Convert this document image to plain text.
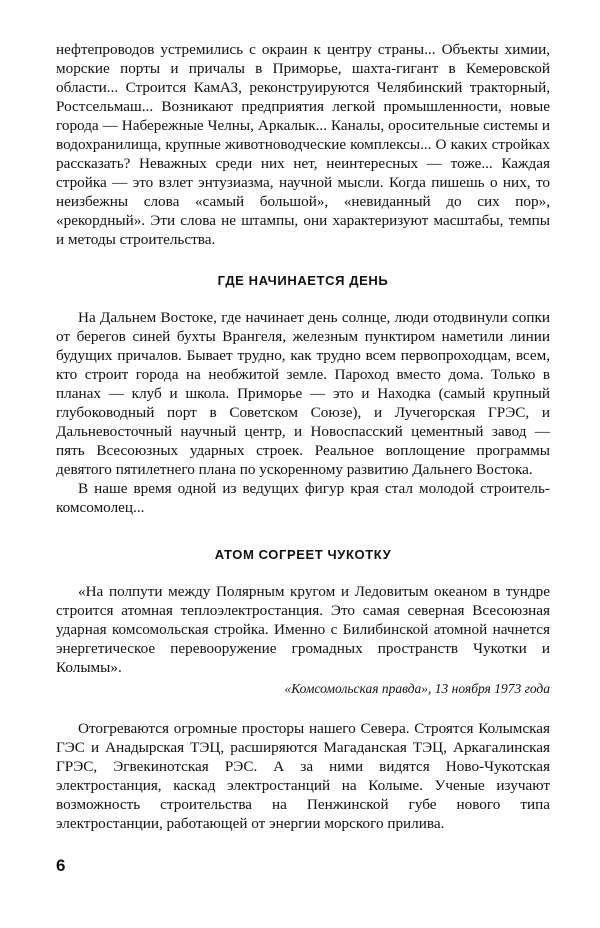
нефтепроводов устремились с окраин к центру страны... Объекты химии, морские порты и причалы в Приморье, шахта-гигант в Кемеровской области... Строится КамАЗ, реконструируются Челябинский тракторный, Ростсельмаш... Возникают предприятия легкой промышленности, новые города — Набережные Челны, Аркалык... Каналы, оросительные системы и водохранилища, крупные животноводческие комплексы... О каких стройках рассказать? Неважных среди них нет, неинтересных — тоже... Каждая стройка — это взлет энтузиазма, научной мысли. Когда пишешь о них, то неизбежны слова «самый большой», «невиданный до сих пор», «рекордный». Эти слова не штампы, они характеризуют масштабы, темпы и методы строительства.

ГДЕ НАЧИНАЕТСЯ ДЕНЬ

На Дальнем Востоке, где начинает день солнце, люди отодвинули сопки от берегов синей бухты Врангеля, железным пунктиром наметили линии будущих причалов. Бывает трудно, как трудно всем первопроходцам, всем, кто строит города на необжитой земле. Пароход вместо дома. Только в планах — клуб и школа. Приморье — это и Находка (самый крупный глубоководный порт в Советском Союзе), и Лучегорская ГРЭС, и Дальневосточный научный центр, и Новоспасский цементный завод — пять Всесоюзных ударных строек. Реальное воплощение программы девятого пятилетнего плана по ускоренному развитию Дальнего Востока.

В наше время одной из ведущих фигур края стал молодой строитель-комсомолец...

АТОМ СОГРЕЕТ ЧУКОТКУ

«На полпути между Полярным кругом и Ледовитым океаном в тундре строится атомная теплоэлектростанция. Это самая северная Всесоюзная ударная комсомольская стройка. Именно с Билибинской атомной начнется энергетическое перевооружение громадных пространств Чукотки и Колымы».

«Комсомольская правда», 13 ноября 1973 года

Отогреваются огромные просторы нашего Севера. Строятся Колымская ГЭС и Анадырская ТЭЦ, расширяются Магаданская ТЭЦ, Аркагалинская ГРЭС, Эгвекинотская РЭС. А за ними видятся Ново-Чукотская электростанция, каскад электростанций на Колыме. Ученые изучают возможность строительства на Пенжинской губе нового типа электростанции, работающей от энергии морского прилива.

6
